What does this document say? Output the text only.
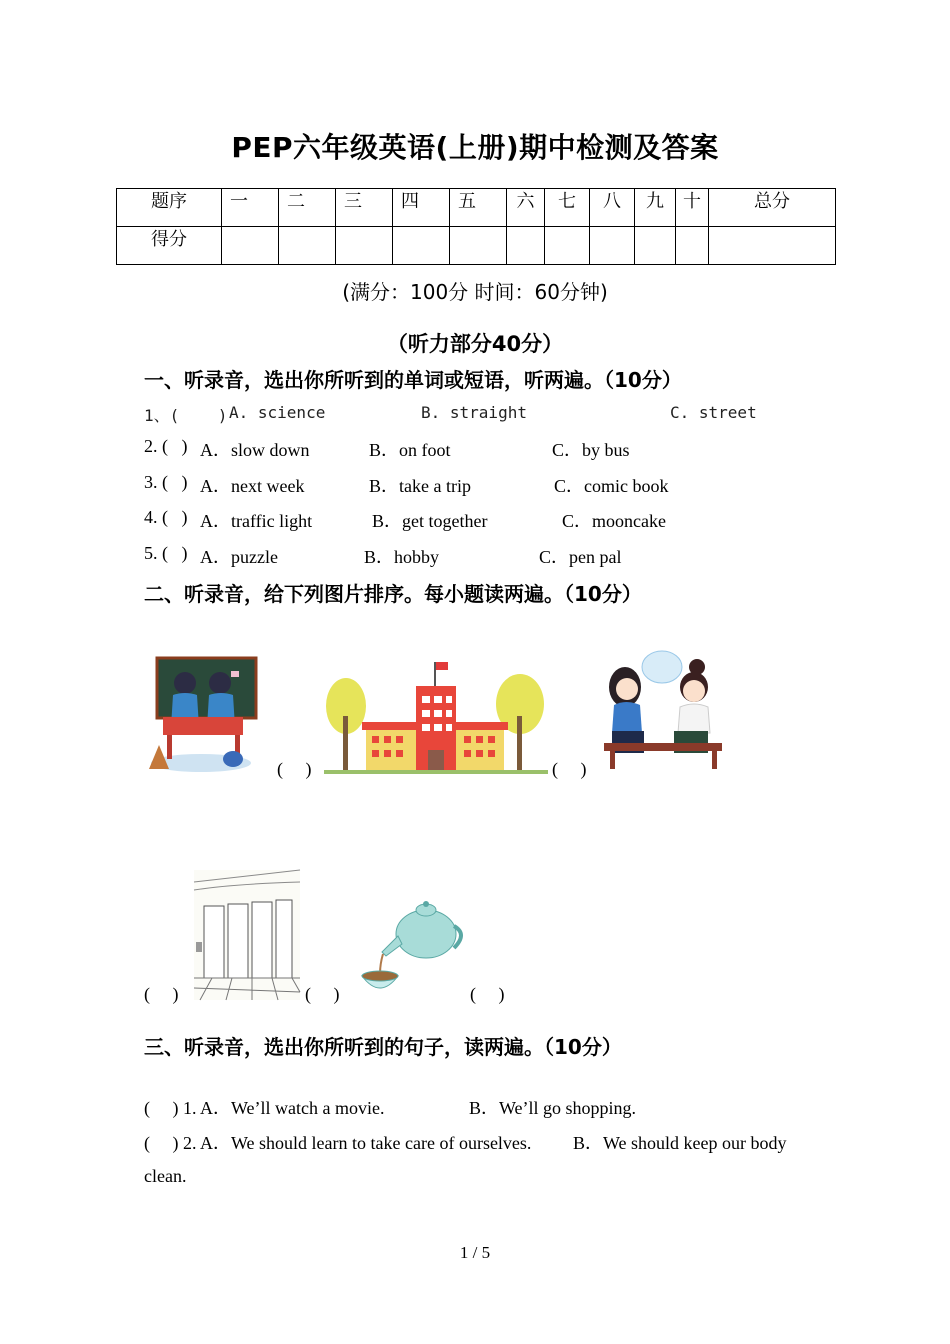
PEP六年级英语(上册)期中检测及答案
题序	一	二	三	四	五	六	七	八	九	十	总分
得分											
(满分：100分 时间：60分钟)
（听力部分40分）
一、听录音，选出你所听到的单词或短语，听两遍。（10分）
1、(    ) A. science	B. straight	C. street
2. (   ) A．slow down	B．on foot	C．by bus
3. (   ) A．next week	B．take a trip	C．comic book
4. (   ) A．traffic light	B．get together	C．mooncake
5. (   ) A．puzzle	B．hobby	C．pen pal
二、听录音，给下列图片排序。每小题读两遍。（10分）
(     )	(     )
(     )	(     )	(     )
三、听录音，选出你所听到的句子，读两遍。（10分）
(     ) 1. A．We’ll watch a movie.	B．We’ll go shopping.
(     ) 2. A．We should learn to take care of ourselves. B．We should keep our body
clean.
1 / 5
